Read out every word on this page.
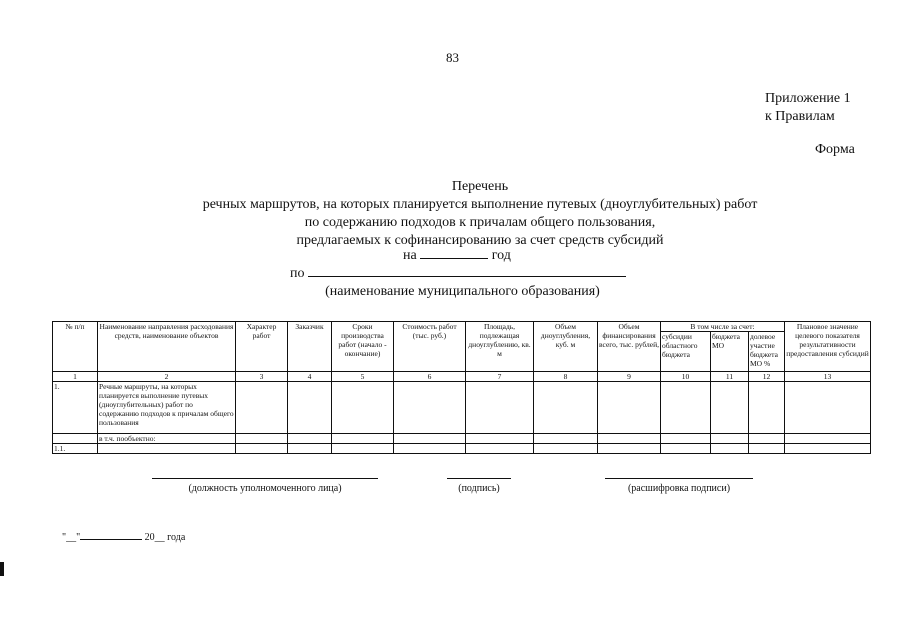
83
Приложение 1
к Правилам
Форма
Перечень
речных маршрутов, на которых планируется выполнение путевых (дноуглубительных) работ
по содержанию подходов к причалам общего пользования,
предлагаемых к софинансированию за счет средств субсидий
на	год
по
(наименование муниципального образования)
№ п/п	Наименование направления расходования средств, наименование объектов	Характер работ	Заказчик	Сроки производства работ (начало - окончание)	Стоимость работ (тыс. руб.)	Площадь, подлежащая дноуглублению, кв. м	Объем дноуглубления, куб. м	Объем финансирования всего, тыс. рублей,	В том числе за счет:			Плановое значение целевого показателя результативности предоставления субсидий
									субсидии областного бюджета	бюджета МО	долевое участие бюджета МО %	
1	2	3	4	5	6	7	8	9	10	11	12	13
1.	Речные маршруты, на которых планируется выполнение путевых (дноуглубительных) работ по содержанию подходов к причалам общего пользования											
	в т.ч. пообъектно:											
1.1.												
(должность уполномоченного лица)	(подпись)	(расшифровка подписи)
"__"	20__ года
